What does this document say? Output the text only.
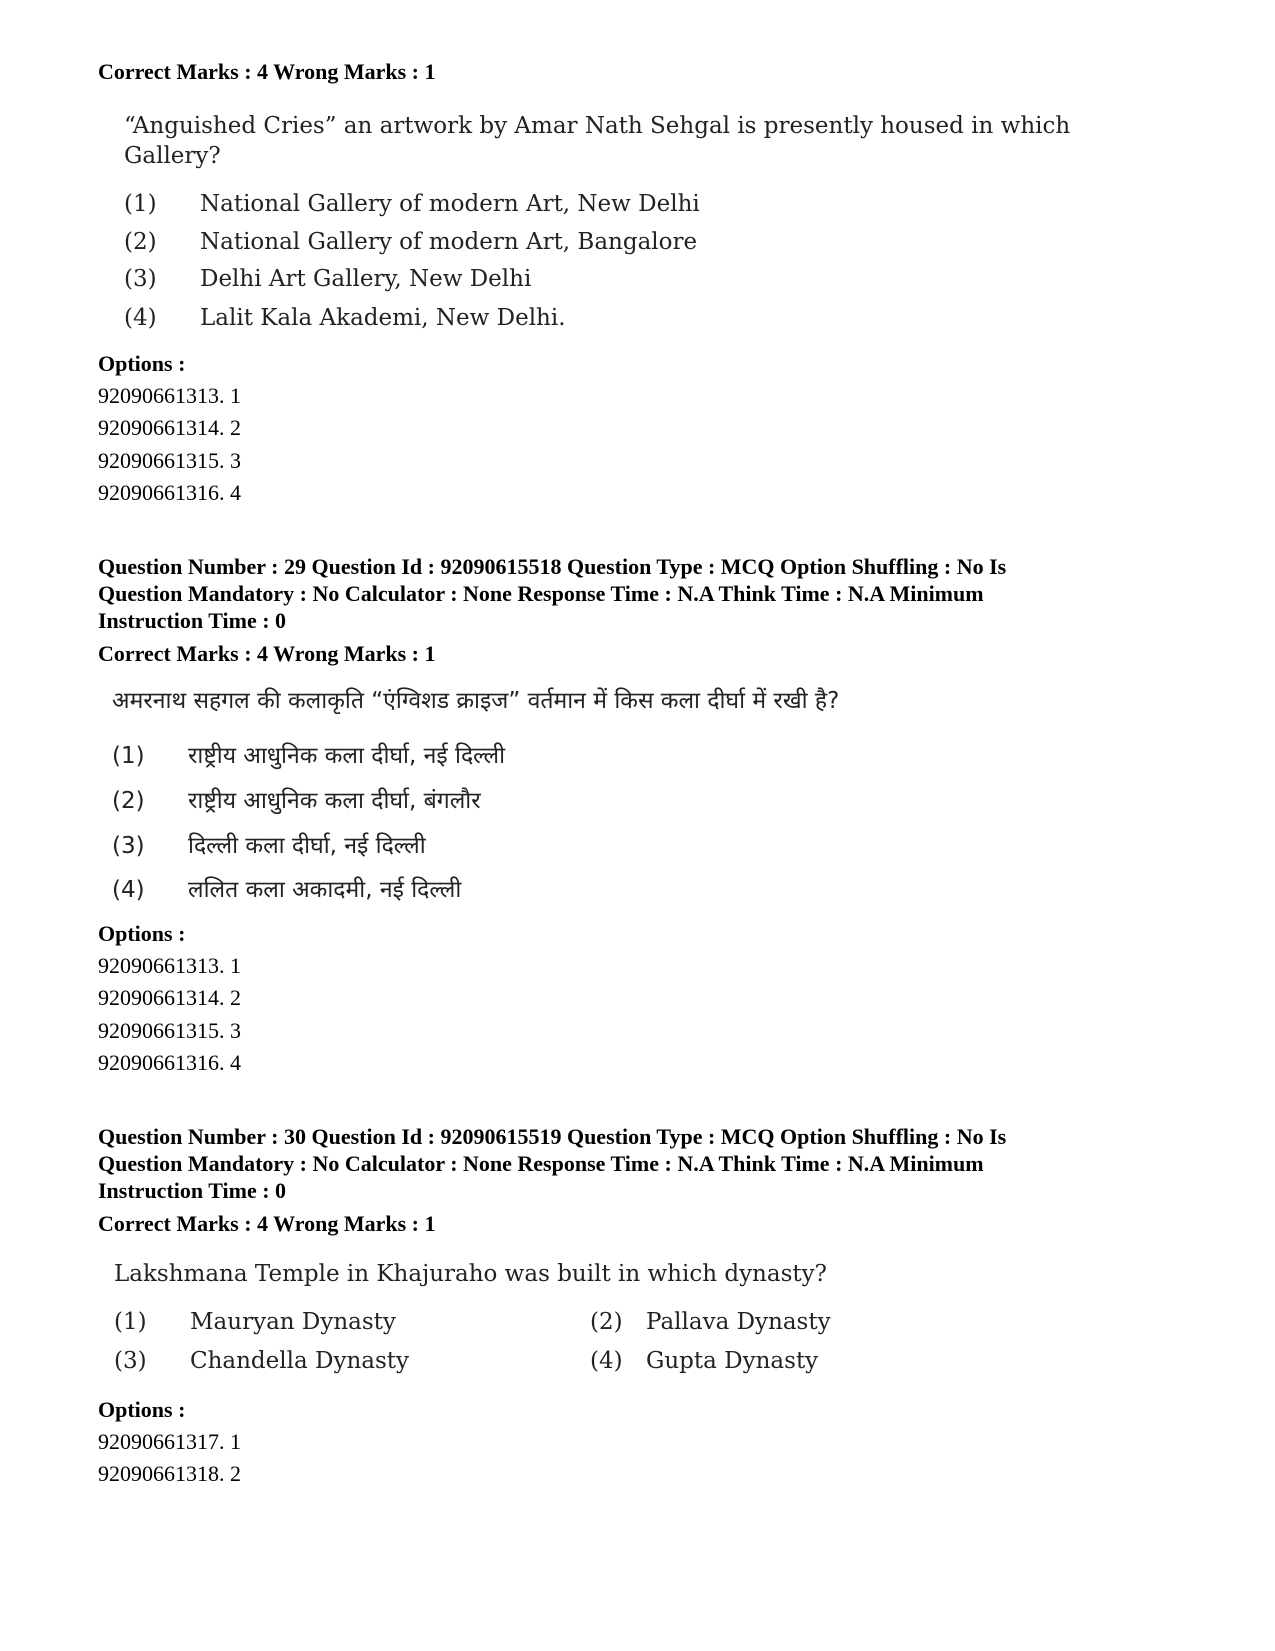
Correct Marks : 4 Wrong Marks : 1
“Anguished Cries” an artwork by Amar Nath Sehgal is presently housed in which
Gallery?
(1) National Gallery of modern Art, New Delhi
(2) National Gallery of modern Art, Bangalore
(3) Delhi Art Gallery, New Delhi
(4) Lalit Kala Akademi, New Delhi.
Options :
92090661313. 1
92090661314. 2
92090661315. 3
92090661316. 4
Question Number : 29 Question Id : 92090615518 Question Type : MCQ Option Shuffling : No Is
Question Mandatory : No Calculator : None Response Time : N.A Think Time : N.A Minimum
Instruction Time : 0
Correct Marks : 4 Wrong Marks : 1
अमरनाथ सहगल की कलाकृति “एंग्विशड क्राइज” वर्तमान में किस कला दीर्घा में रखी है?
(1) राष्ट्रीय आधुनिक कला दीर्घा, नई दिल्ली
(2) राष्ट्रीय आधुनिक कला दीर्घा, बंगलौर
(3) दिल्ली कला दीर्घा, नई दिल्ली
(4) ललित कला अकादमी, नई दिल्ली
Options :
92090661313. 1
92090661314. 2
92090661315. 3
92090661316. 4
Question Number : 30 Question Id : 92090615519 Question Type : MCQ Option Shuffling : No Is
Question Mandatory : No Calculator : None Response Time : N.A Think Time : N.A Minimum
Instruction Time : 0
Correct Marks : 4 Wrong Marks : 1
Lakshmana Temple in Khajuraho was built in which dynasty?
(1) Mauryan Dynasty	(2) Pallava Dynasty
(3) Chandella Dynasty	(4) Gupta Dynasty
Options :
92090661317. 1
92090661318. 2
